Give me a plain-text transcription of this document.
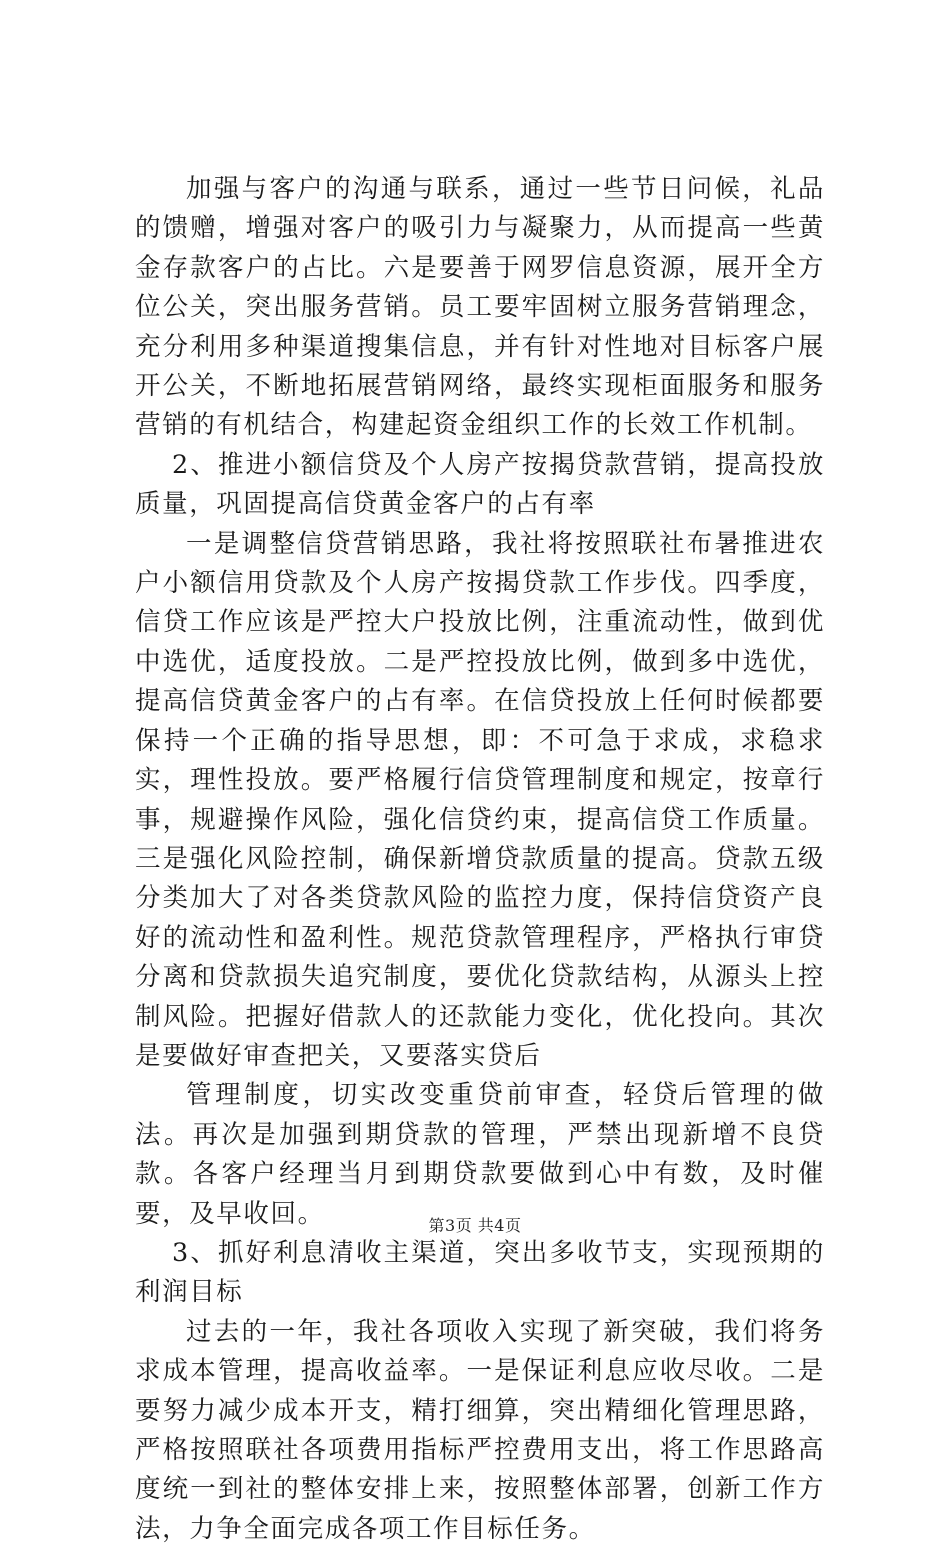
加强与客户的沟通与联系，通过一些节日问候，礼品的馈赠，增强对客户的吸引力与凝聚力，从而提高一些黄金存款客户的占比。六是要善于网罗信息资源，展开全方位公关，突出服务营销。员工要牢固树立服务营销理念，充分利用多种渠道搜集信息，并有针对性地对目标客户展开公关，不断地拓展营销网络，最终实现柜面服务和服务营销的有机结合，构建起资金组织工作的长效工作机制。

2、推进小额信贷及个人房产按揭贷款营销，提高投放质量，巩固提高信贷黄金客户的占有率

一是调整信贷营销思路，我社将按照联社布暑推进农户小额信用贷款及个人房产按揭贷款工作步伐。四季度，信贷工作应该是严控大户投放比例，注重流动性，做到优中选优，适度投放。二是严控投放比例，做到多中选优，提高信贷黄金客户的占有率。在信贷投放上任何时候都要保持一个正确的指导思想，即：不可急于求成，求稳求实，理性投放。要严格履行信贷管理制度和规定，按章行事，规避操作风险，强化信贷约束，提高信贷工作质量。三是强化风险控制，确保新增贷款质量的提高。贷款五级分类加大了对各类贷款风险的监控力度，保持信贷资产良好的流动性和盈利性。规范贷款管理程序，严格执行审贷分离和贷款损失追究制度，要优化贷款结构，从源头上控制风险。把握好借款人的还款能力变化，优化投向。其次是要做好审查把关，又要落实贷后

管理制度，切实改变重贷前审查，轻贷后管理的做法。再次是加强到期贷款的管理，严禁出现新增不良贷款。各客户经理当月到期贷款要做到心中有数，及时催要，及早收回。

3、抓好利息清收主渠道，突出多收节支，实现预期的利润目标

过去的一年，我社各项收入实现了新突破，我们将务求成本管理，提高收益率。一是保证利息应收尽收。二是要努力减少成本开支，精打细算，突出精细化管理思路，严格按照联社各项费用指标严控费用支出，将工作思路高度统一到社的整体安排上来，按照整体部署，创新工作方法，力争全面完成各项工作目标任务。

第3页 共4页
